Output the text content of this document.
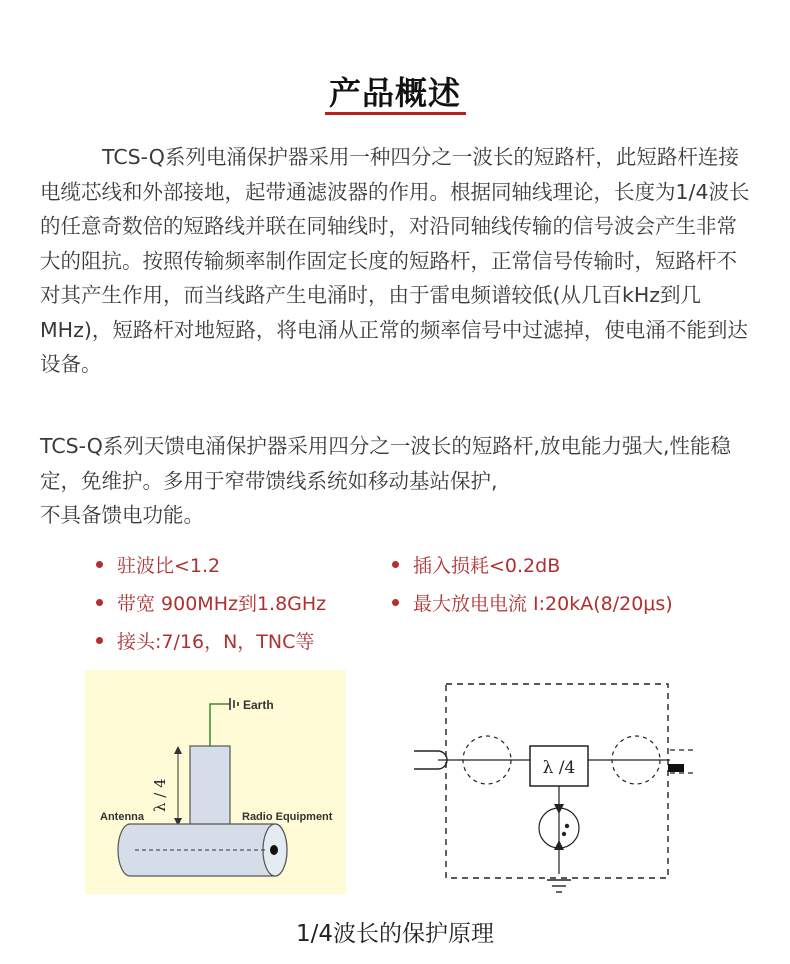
产品概述
TCS-Q系列电涌保护器采用一种四分之一波长的短路杆，此短路杆连接电缆芯线和外部接地，起带通滤波器的作用。根据同轴线理论，长度为1/4波长的任意奇数倍的短路线并联在同轴线时，对沿同轴线传输的信号波会产生非常大的阻抗。按照传输频率制作固定长度的短路杆，正常信号传输时，短路杆不对其产生作用，而当线路产生电涌时，由于雷电频谱较低(从几百kHz到几MHz)，短路杆对地短路，将电涌从正常的频率信号中过滤掉，使电涌不能到达设备。
TCS-Q系列天馈电涌保护器采用四分之一波长的短路杆,放电能力强大,性能稳定，免维护。多用于窄带馈线系统如移动基站保护,
不具备馈电功能。
驻波比<1.2	插入损耗<0.2dB
带宽 900MHz到1.8GHz	最大放电电流 I:20kA(8/20μs)
接头:7/16，N，TNC等
Earth
λ / 4
Antenna	Radio Equipment
λ /4
1/4波长的保护原理
